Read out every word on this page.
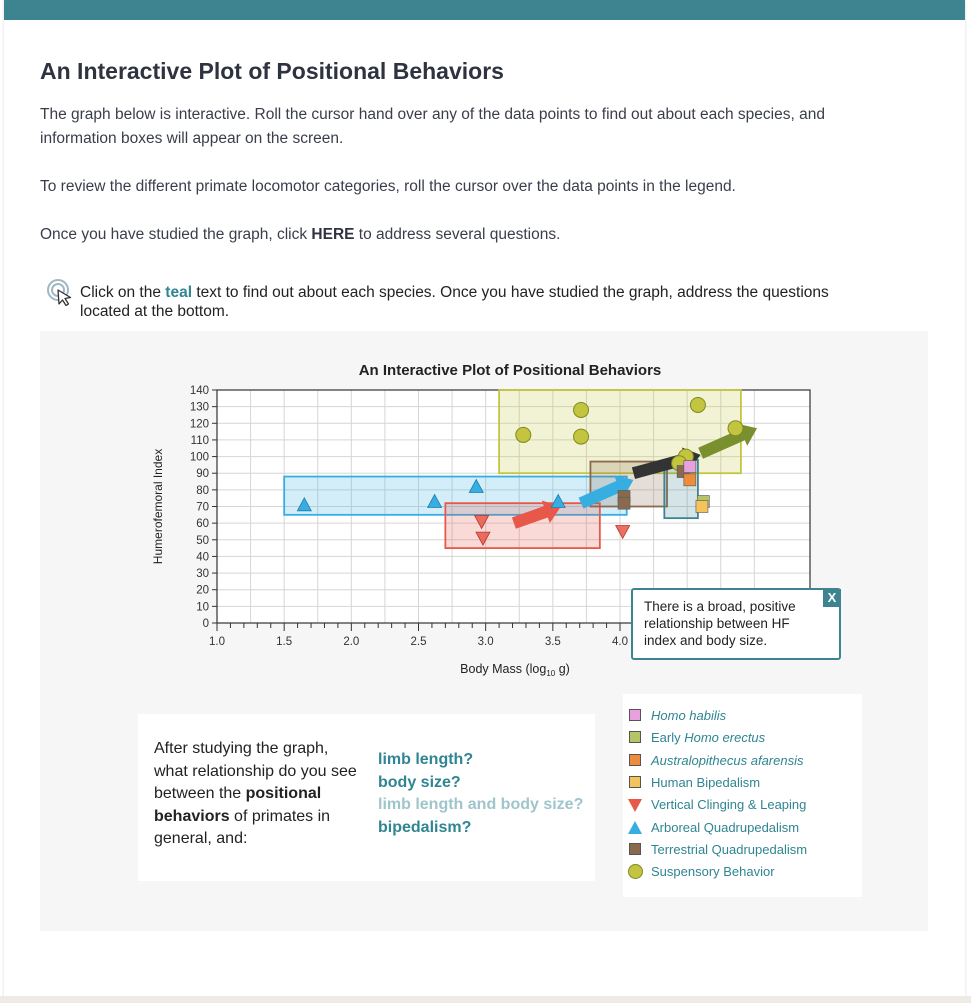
An Interactive Plot of Positional Behaviors

The graph below is interactive. Roll the cursor hand over any of the data points to find out about each species, and information boxes will appear on the screen.

To review the different primate locomotor categories, roll the cursor over the data points in the legend.

Once you have studied the graph, click HERE to address several questions.

Click on the teal text to find out about each species. Once you have studied the graph, address the questions located at the bottom.
0
10
20
30
40
50
60
70
80
90
100
110
120
130
140
1.0	1.5	2.0	2.5	3.0	3.5	4.0
An Interactive Plot of Positional Behaviors
Body Mass ($\log_{10}$ g)
Humerofemoral Index
There is a broad, positive relationship between HF index and body size.
X
After studying the graph, what relationship do you see between the positional behaviors of primates in general, and:
limb length?
body size?
limb length and body size?
bipedalism?
Homo habilis
Early Homo erectus
Australopithecus afarensis
Human Bipedalism
Vertical Clinging & Leaping
Arboreal Quadrupedalism
Terrestrial Quadrupedalism
Suspensory Behavior
